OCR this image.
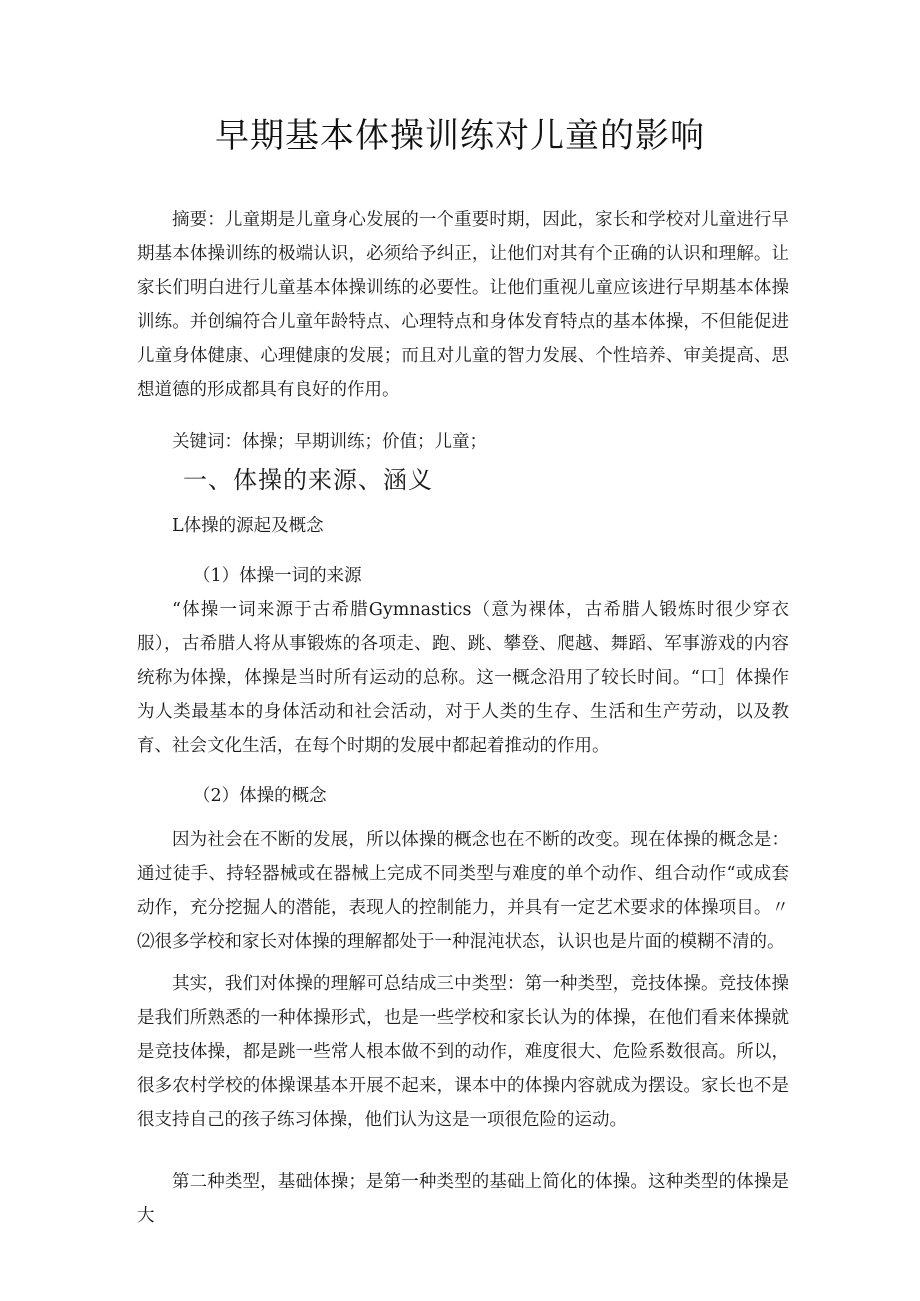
早期基本体操训练对儿童的影响
摘要：儿童期是儿童身心发展的一个重要时期，因此，家长和学校对儿童进行早期基本体操训练的极端认识，必须给予纠正，让他们对其有个正确的认识和理解。让家长们明白进行儿童基本体操训练的必要性。让他们重视儿童应该进行早期基本体操训练。并创编符合儿童年龄特点、心理特点和身体发育特点的基本体操，不但能促进儿童身体健康、心理健康的发展；而且对儿童的智力发展、个性培养、审美提高、思想道德的形成都具有良好的作用。
关键词：体操；早期训练；价值；儿童；
一、体操的来源、涵义
L体操的源起及概念
（1）体操一词的来源
“体操一词来源于古希腊Gymnastics（意为裸体，古希腊人锻炼时很少穿衣服），古希腊人将从事锻炼的各项走、跑、跳、攀登、爬越、舞蹈、军事游戏的内容统称为体操，体操是当时所有运动的总称。这一概念沿用了较长时间。“口］体操作为人类最基本的身体活动和社会活动，对于人类的生存、生活和生产劳动，以及教育、社会文化生活，在每个时期的发展中都起着推动的作用。
（2）体操的概念
因为社会在不断的发展，所以体操的概念也在不断的改变。现在体操的概念是：通过徒手、持轻器械或在器械上完成不同类型与难度的单个动作、组合动作“或成套动作，充分挖掘人的潜能，表现人的控制能力，并具有一定艺术要求的体操项目。〃⑵很多学校和家长对体操的理解都处于一种混沌状态，认识也是片面的模糊不清的。
其实，我们对体操的理解可总结成三中类型：第一种类型，竞技体操。竞技体操是我们所熟悉的一种体操形式，也是一些学校和家长认为的体操，在他们看来体操就是竞技体操，都是跳一些常人根本做不到的动作，难度很大、危险系数很高。所以，很多农村学校的体操课基本开展不起来，课本中的体操内容就成为摆设。家长也不是很支持自己的孩子练习体操，他们认为这是一项很危险的运动。
第二种类型，基础体操；是第一种类型的基础上简化的体操。这种类型的体操是大
